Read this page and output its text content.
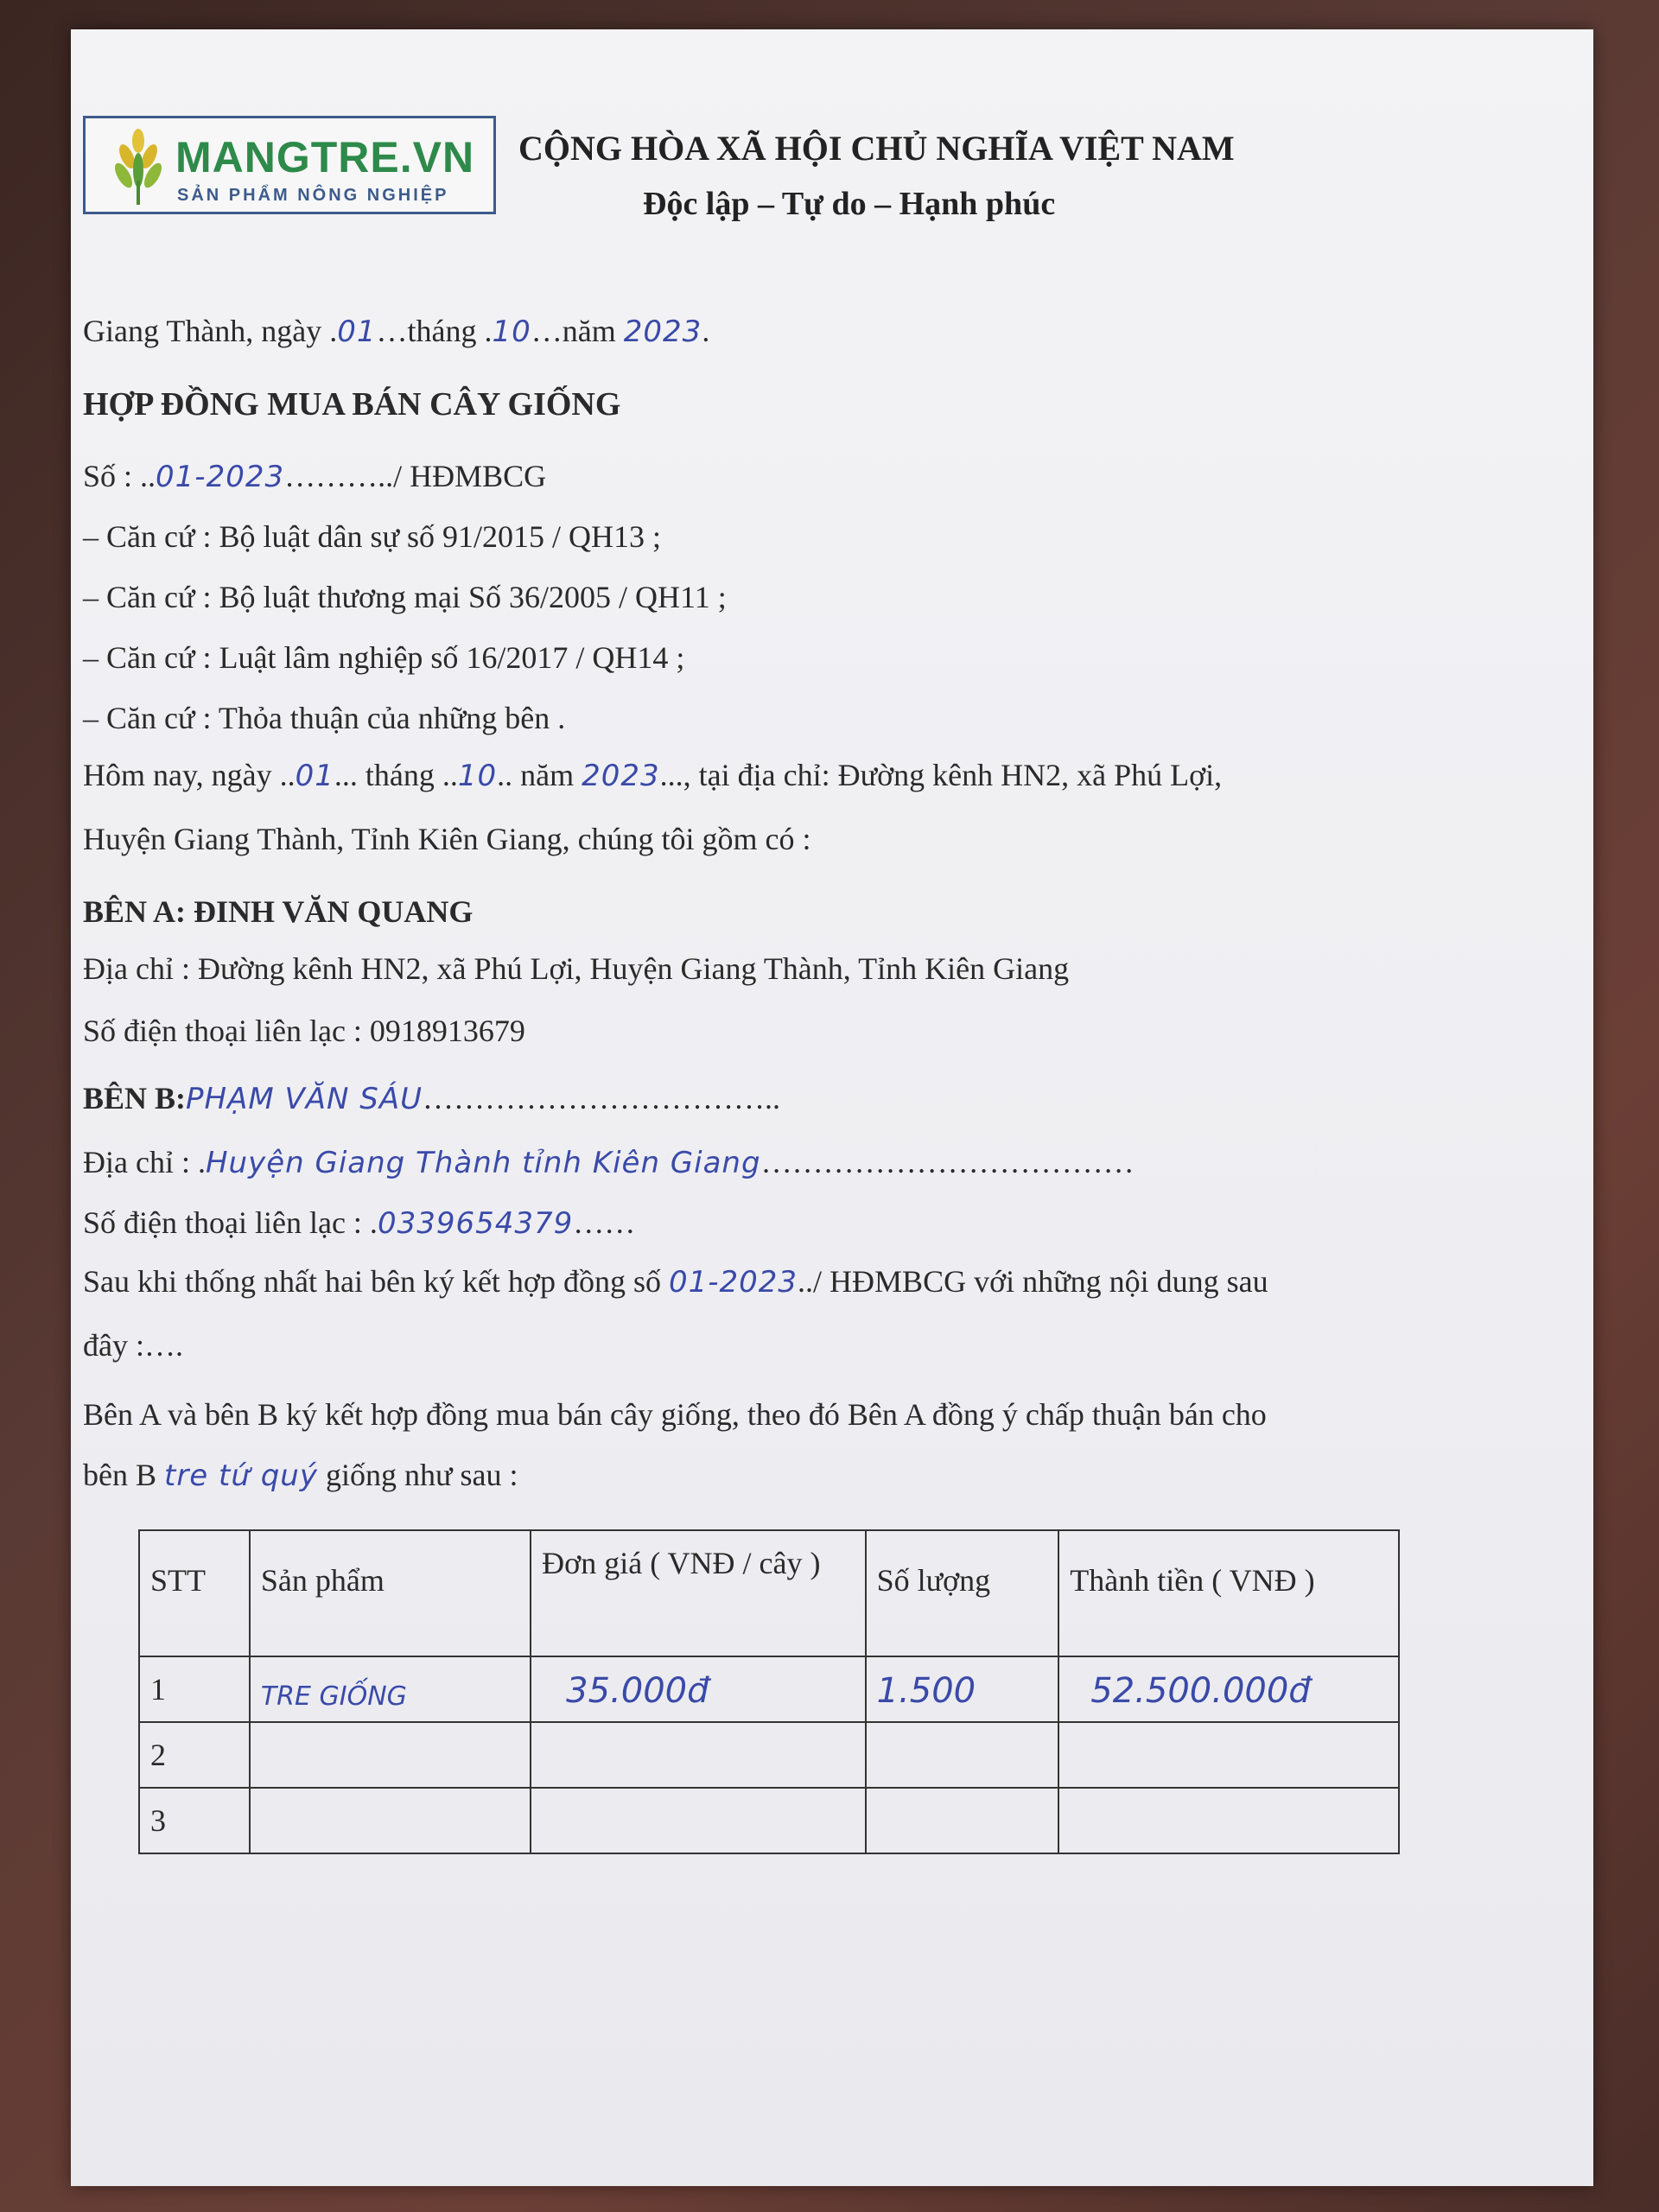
MANGTRE.VN
SẢN PHẨM NÔNG NGHIỆP
CỘNG HÒA XÃ HỘI CHỦ NGHĨA VIỆT NAM
Độc lập – Tự do – Hạnh phúc
Giang Thành, ngày .01…tháng .10…năm 2023.
HỢP ĐỒNG MUA BÁN CÂY GIỐNG
Số : ..01-2023………../ HĐMBCG
– Căn cứ : Bộ luật dân sự số 91/2015 / QH13 ;
– Căn cứ : Bộ luật thương mại Số 36/2005 / QH11 ;
– Căn cứ : Luật lâm nghiệp số 16/2017 / QH14 ;
– Căn cứ : Thỏa thuận của những bên .
Hôm nay, ngày ..01... tháng ..10.. năm 2023..., tại địa chỉ: Đường kênh HN2, xã Phú Lợi,
Huyện Giang Thành, Tỉnh Kiên Giang, chúng tôi gồm có :
BÊN A: ĐINH VĂN QUANG
Địa chỉ : Đường kênh HN2, xã Phú Lợi, Huyện Giang Thành, Tỉnh Kiên Giang
Số điện thoại liên lạc : 0918913679
BÊN B:PHẠM VĂN SÁU……………………………..
Địa chỉ : .Huyện Giang Thành tỉnh Kiên Giang………………………………
Số điện thoại liên lạc : .0339654379……
Sau khi thống nhất hai bên ký kết hợp đồng số 01-2023../ HĐMBCG với những nội dung sau
đây :….
Bên A và bên B ký kết hợp đồng mua bán cây giống, theo đó Bên A đồng ý chấp thuận bán cho
bên B tre tứ quý giống như sau :
STT	Sản phẩm	Đơn giá ( VNĐ / cây )	Số lượng	Thành tiền ( VNĐ )
1	TRE GIỐNG	35.000đ	1.500	52.500.000đ
2				
3				
